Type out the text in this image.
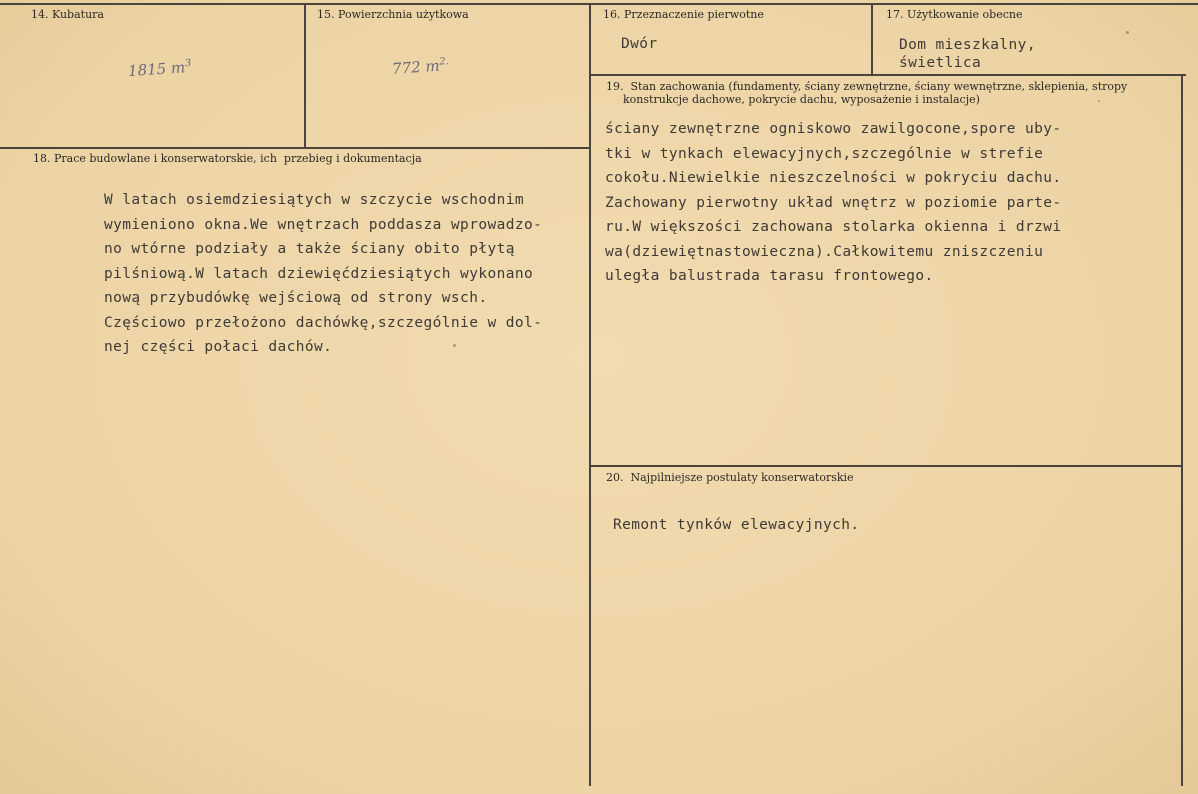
14. Kubatura
1815 $m^3$
15. Powierzchnia użytkowa
772 $m^{2.}$
16. Przeznaczenie pierwotne
Dwór
17. Użytkowanie obecne
Dom mieszkalny,
świetlica
19.  Stan zachowania (fundamenty, ściany zewnętrzne, ściany wewnętrzne, sklepienia, stropy
konstrukcje dachowe, pokrycie dachu, wyposażenie i instalacje)
ściany zewnętrzne ogniskowo zawilgocone,spore uby-
tki w tynkach elewacyjnych,szczególnie w strefie
cokołu.Niewielkie nieszczelności w pokryciu dachu.
Zachowany pierwotny układ wnętrz w poziomie parte-
ru.W większości zachowana stolarka okienna i drzwi
wa(dziewiętnastowieczna).Całkowitemu zniszczeniu
uległa balustrada tarasu frontowego.
18. Prace budowlane i konserwatorskie, ich  przebieg i dokumentacja
W latach osiemdziesiątych w szczycie wschodnim
wymieniono okna.We wnętrzach poddasza wprowadzo-
no wtórne podziały a także ściany obito płytą
pilśniową.W latach dziewięćdziesiątych wykonano
nową przybudówkę wejściową od strony wsch.
Częściowo przełożono dachówkę,szczególnie w dol-
nej części połaci dachów.
20.  Najpilniejsze postulaty konserwatorskie
Remont tynków elewacyjnych.
